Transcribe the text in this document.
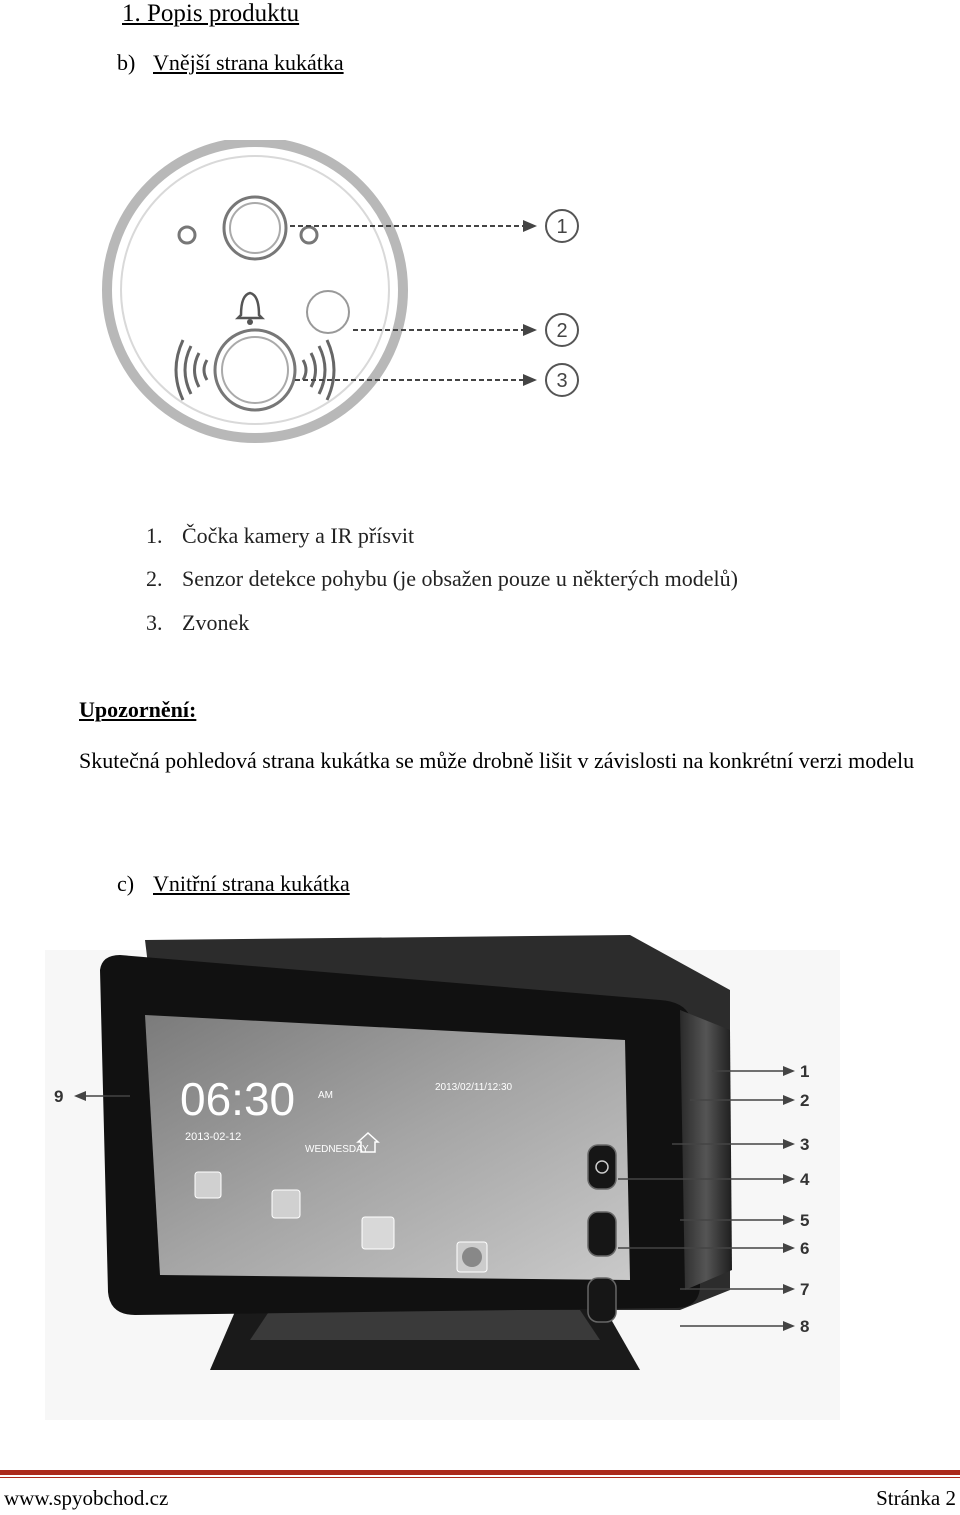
1. Popis produktu
b) Vnější strana kukátka
1
2
3
1. Čočka kamery a IR přísvit
2. Senzor detekce pohybu (je obsažen pouze u některých modelů)
3. Zvonek
Upozornění:
Skutečná pohledová strana kukátka se může drobně lišit v závislosti na konkrétní verzi modelu
c) Vnitřní strana kukátka
06:30 AM
2013-02-12
WEDNESDAY
2013/02/11/12:30
1
2
3
4
5
6
7
8
9
www.spyobchod.cz	Stránka 2
